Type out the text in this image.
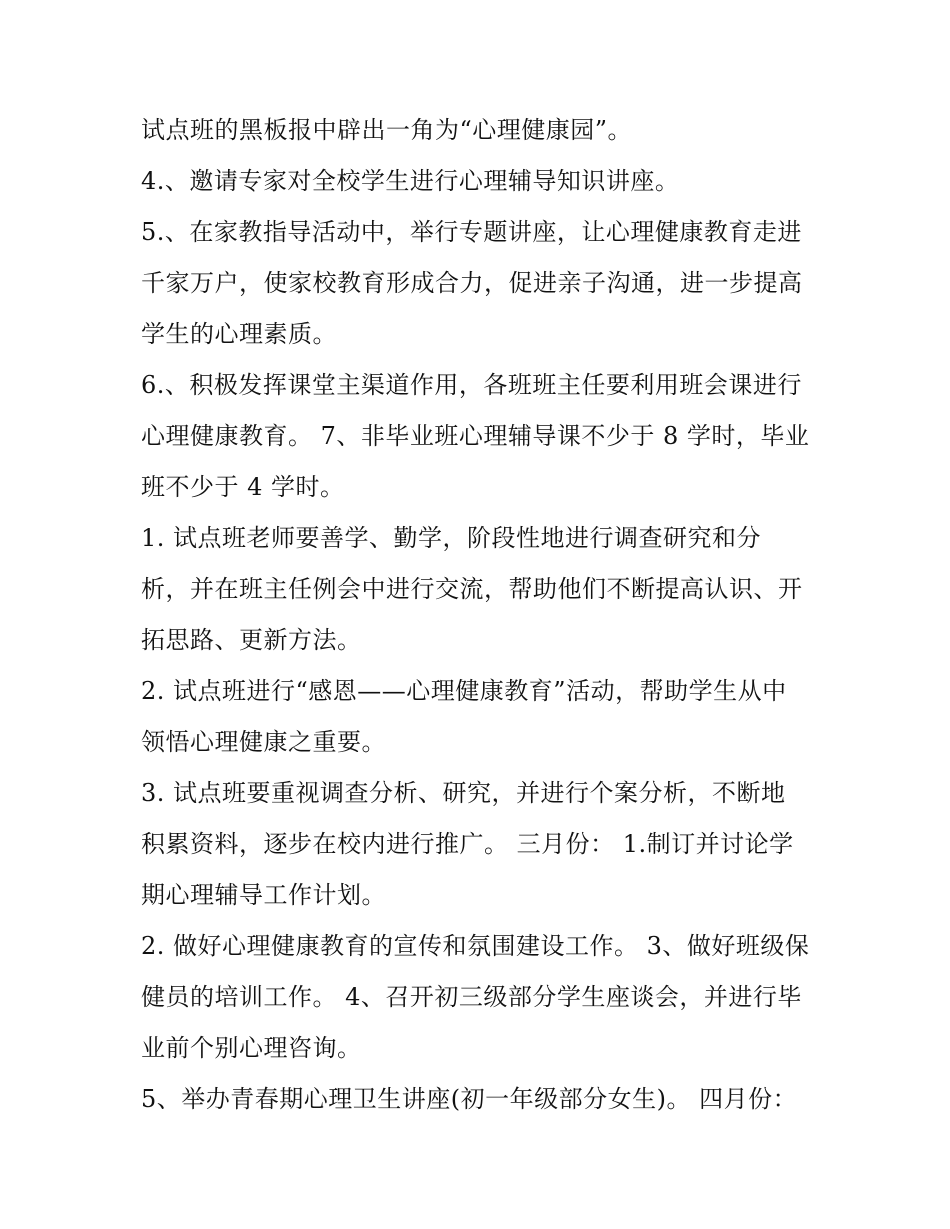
试点班的黑板报中辟出一角为“心理健康园”。
4.、邀请专家对全校学生进行心理辅导知识讲座。
5.、在家教指导活动中，举行专题讲座，让心理健康教育走进
千家万户，使家校教育形成合力，促进亲子沟通，进一步提高
学生的心理素质。
6.、积极发挥课堂主渠道作用，各班班主任要利用班会课进行
心理健康教育。 7、非毕业班心理辅导课不少于 8 学时，毕业
班不少于 4 学时。
1. 试点班老师要善学、勤学，阶段性地进行调查研究和分
析，并在班主任例会中进行交流，帮助他们不断提高认识、开
拓思路、更新方法。
2. 试点班进行“感恩——心理健康教育”活动，帮助学生从中
领悟心理健康之重要。
3. 试点班要重视调查分析、研究，并进行个案分析，不断地
积累资料，逐步在校内进行推广。 三月份： 1.制订并讨论学
期心理辅导工作计划。
2. 做好心理健康教育的宣传和氛围建设工作。 3、做好班级保
健员的培训工作。 4、召开初三级部分学生座谈会，并进行毕
业前个别心理咨询。
5、举办青春期心理卫生讲座(初一年级部分女生)。 四月份：
